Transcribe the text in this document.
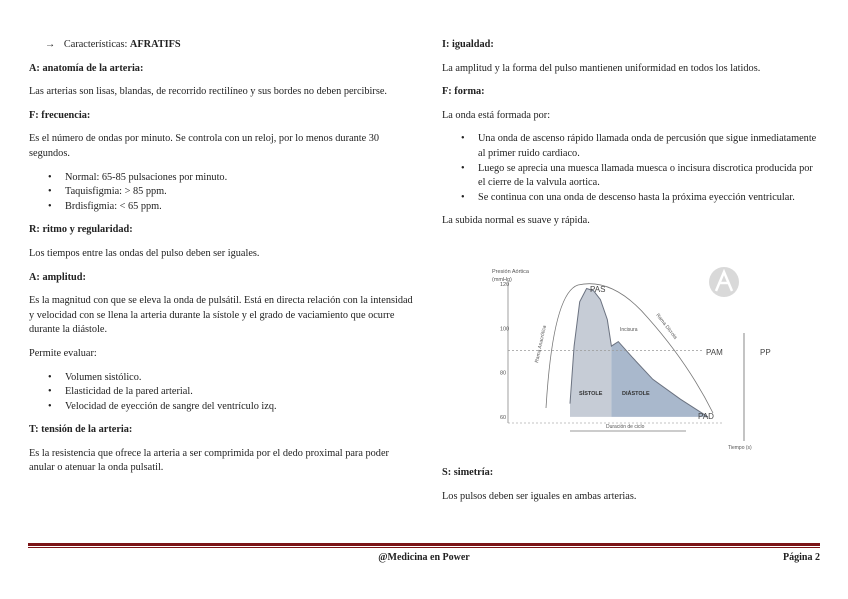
→ Características: AFRATIFS
A: anatomía de la arteria:
Las arterias son lisas, blandas, de recorrido rectilíneo y sus bordes no deben percibirse.
F: frecuencia:
Es el número de ondas por minuto. Se controla con un reloj, por lo menos durante 30 segundos.
• Normal: 65-85 pulsaciones por minuto.
• Taquisfigmia: > 85 ppm.
• Brdisfigmia: < 65 ppm.
R: ritmo y regularidad:
Los tiempos entre las ondas del pulso deben ser iguales.
A: amplitud:
Es la magnitud con que se eleva la onda de pulsátil. Está en directa relación con la intensidad y velocidad con se llena la arteria durante la sístole y el grado de vaciamiento que ocurre durante la diástole.
Permite evaluar:
• Volumen sistólico.
• Elasticidad de la pared arterial.
• Velocidad de eyección de sangre del ventrículo izq.
T: tensión de la arteria:
Es la resistencia que ofrece la arteria a ser comprimida por el dedo proximal para poder anular o atenuar la onda pulsatil.
I: igualdad:
La amplitud y la forma del pulso mantienen uniformidad en todos los latidos.
F: forma:
La onda está formada por:
• Una onda de ascenso rápido llamada onda de percusión que sigue inmediatamente al primer ruido cardiaco.
• Luego se aprecia una muesca llamada muesca o incisura discrotica producida por el cierre de la valvula aortica.
• Se continua con una onda de descenso hasta la próxima eyección ventricular.
La subida normal es suave y rápida.
S: simetría:
Los pulsos deben ser iguales en ambas arterias.
Presión Aórtica
(mmHg)
120
100
80
60
PAS
PAM
PAD
PP
Incisura
SÍSTOLE	DIÁSTOLE
Duración de ciclo
Tiempo (s)
Rama Anacrótica	Rama Dícrota
@Medicina en Power	Página 2
